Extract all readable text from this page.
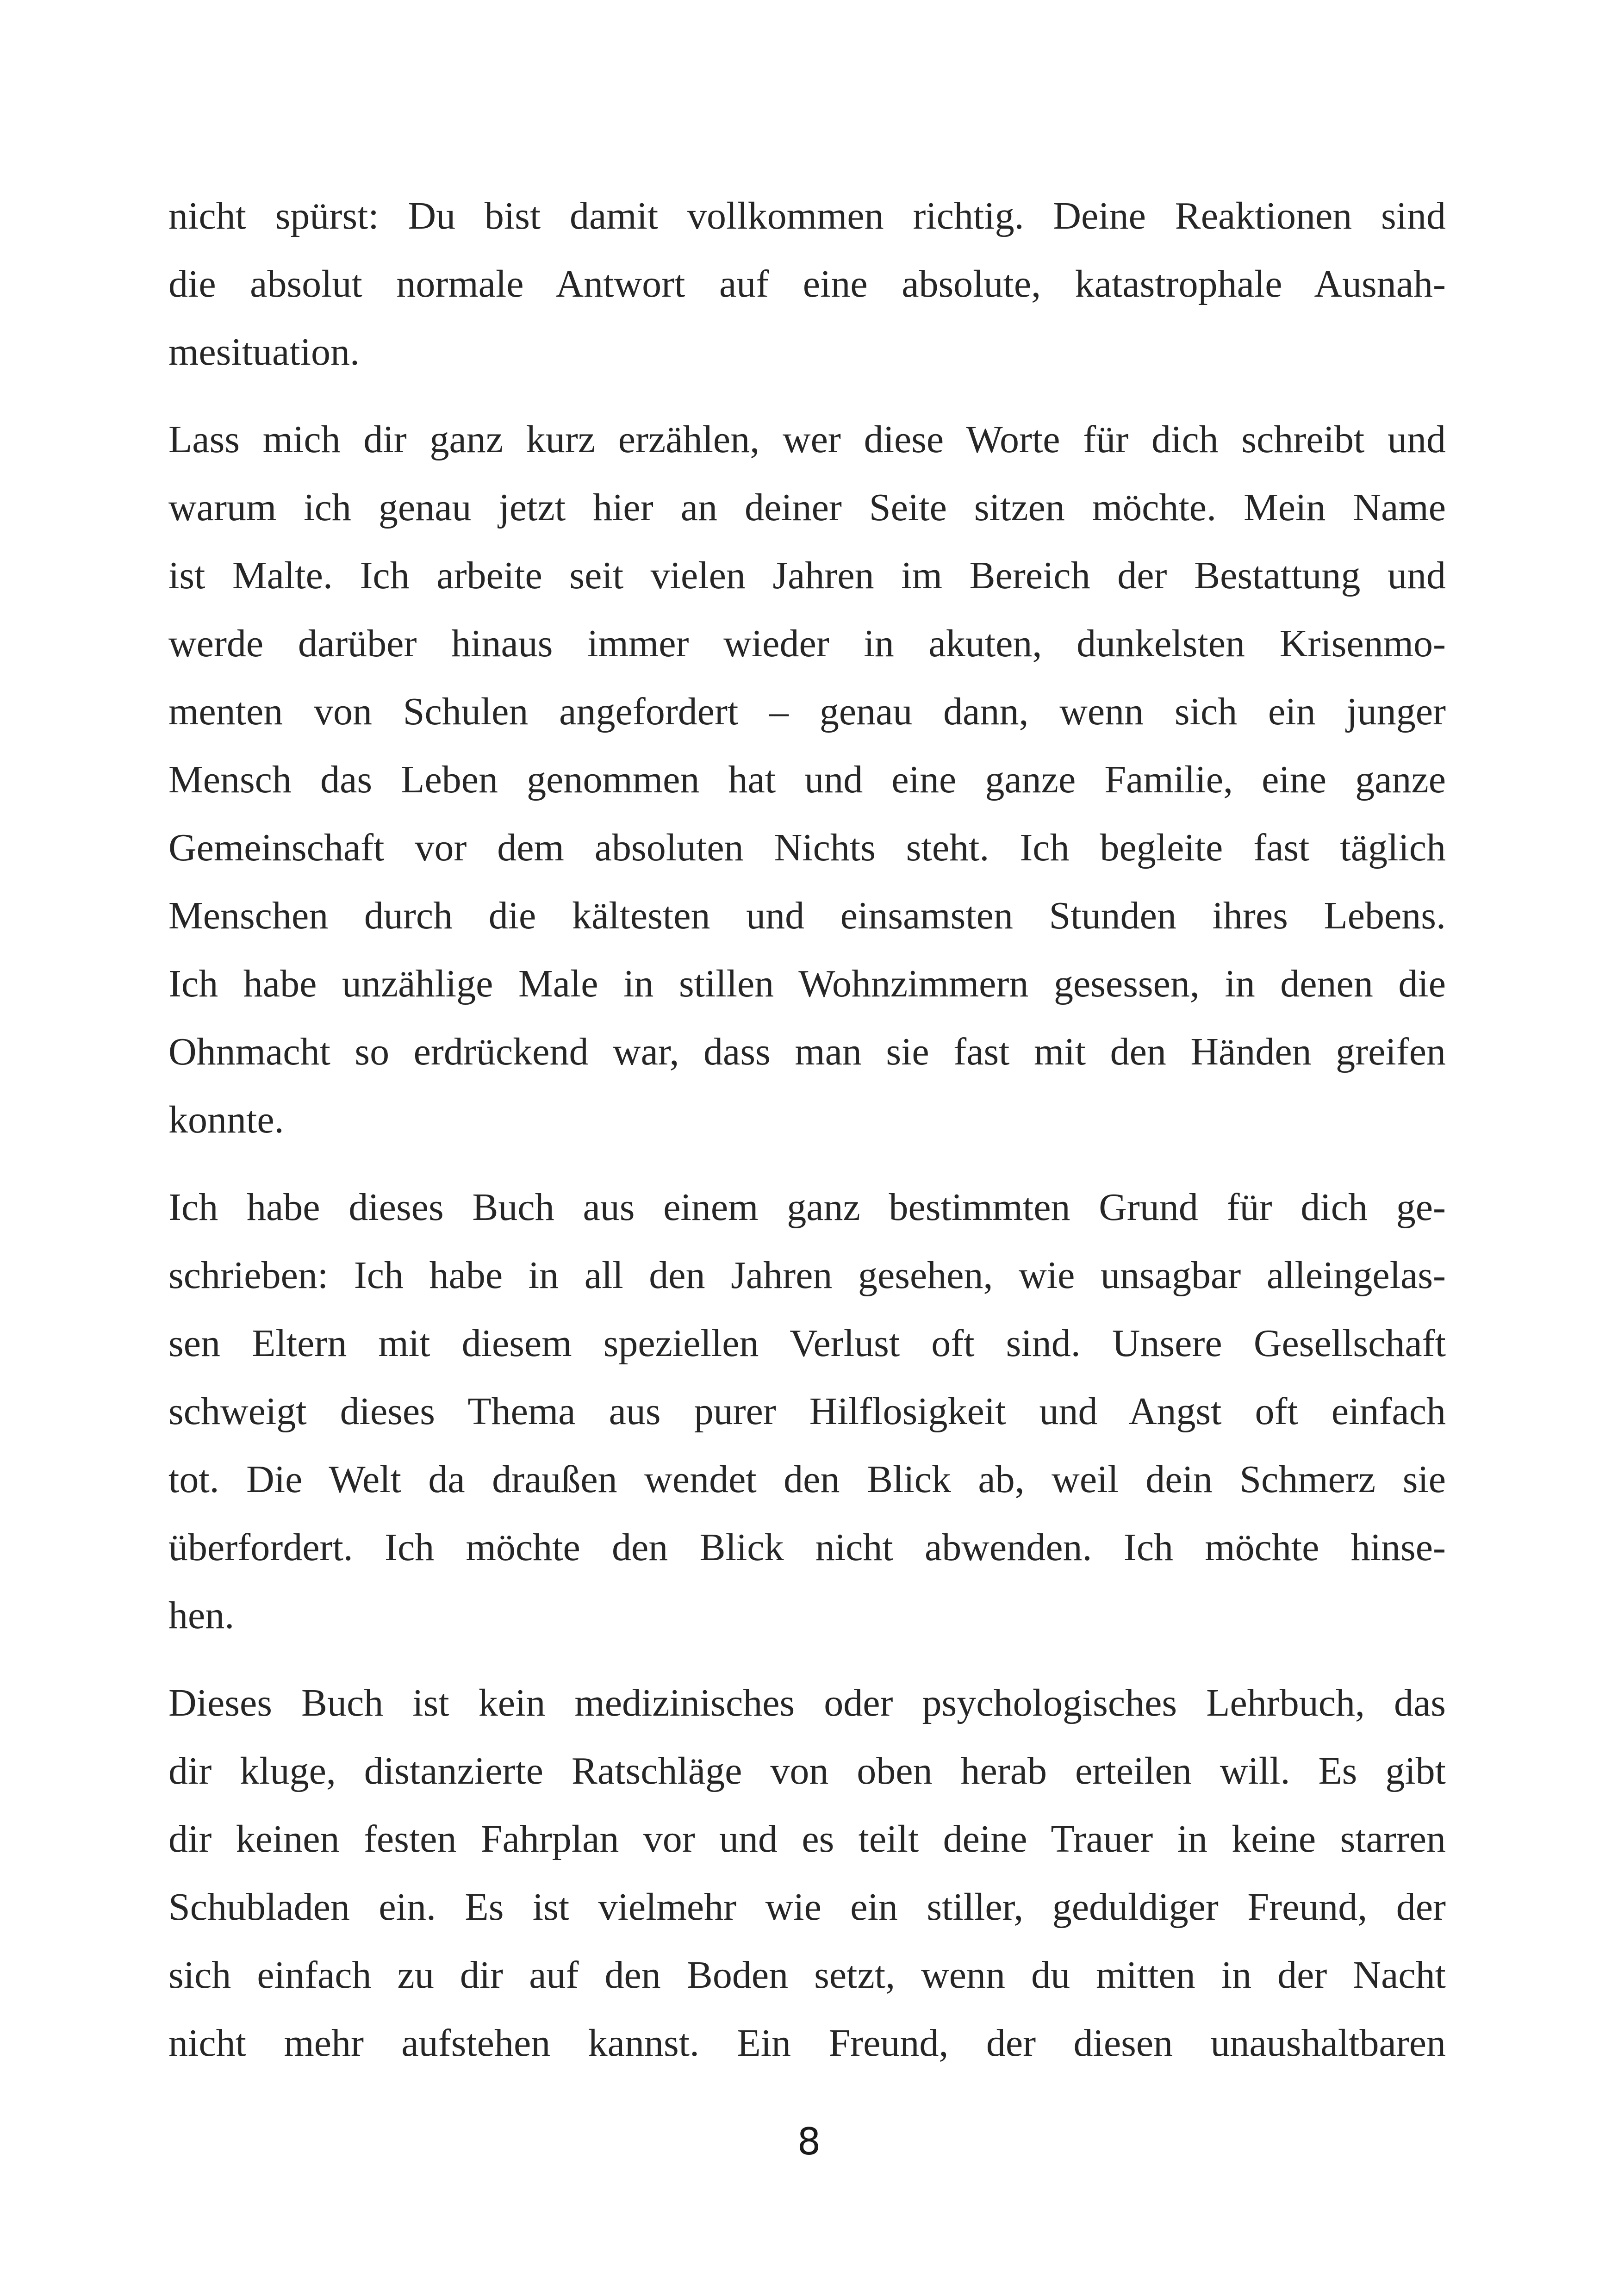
nicht spürst: Du bist damit vollkommen richtig. Deine Reaktionen sind
die absolut normale Antwort auf eine absolute, katastrophale Ausnah-
mesituation.
Lass mich dir ganz kurz erzählen, wer diese Worte für dich schreibt und
warum ich genau jetzt hier an deiner Seite sitzen möchte. Mein Name
ist Malte. Ich arbeite seit vielen Jahren im Bereich der Bestattung und
werde darüber hinaus immer wieder in akuten, dunkelsten Krisenmo-
menten von Schulen angefordert – genau dann, wenn sich ein junger
Mensch das Leben genommen hat und eine ganze Familie, eine ganze
Gemeinschaft vor dem absoluten Nichts steht. Ich begleite fast täglich
Menschen durch die kältesten und einsamsten Stunden ihres Lebens.
Ich habe unzählige Male in stillen Wohnzimmern gesessen, in denen die
Ohnmacht so erdrückend war, dass man sie fast mit den Händen greifen
konnte.
Ich habe dieses Buch aus einem ganz bestimmten Grund für dich ge-
schrieben: Ich habe in all den Jahren gesehen, wie unsagbar alleingelas-
sen Eltern mit diesem speziellen Verlust oft sind. Unsere Gesellschaft
schweigt dieses Thema aus purer Hilflosigkeit und Angst oft einfach
tot. Die Welt da draußen wendet den Blick ab, weil dein Schmerz sie
überfordert. Ich möchte den Blick nicht abwenden. Ich möchte hinse-
hen.
Dieses Buch ist kein medizinisches oder psychologisches Lehrbuch, das
dir kluge, distanzierte Ratschläge von oben herab erteilen will. Es gibt
dir keinen festen Fahrplan vor und es teilt deine Trauer in keine starren
Schubladen ein. Es ist vielmehr wie ein stiller, geduldiger Freund, der
sich einfach zu dir auf den Boden setzt, wenn du mitten in der Nacht
nicht mehr aufstehen kannst. Ein Freund, der diesen unaushaltbaren
8
